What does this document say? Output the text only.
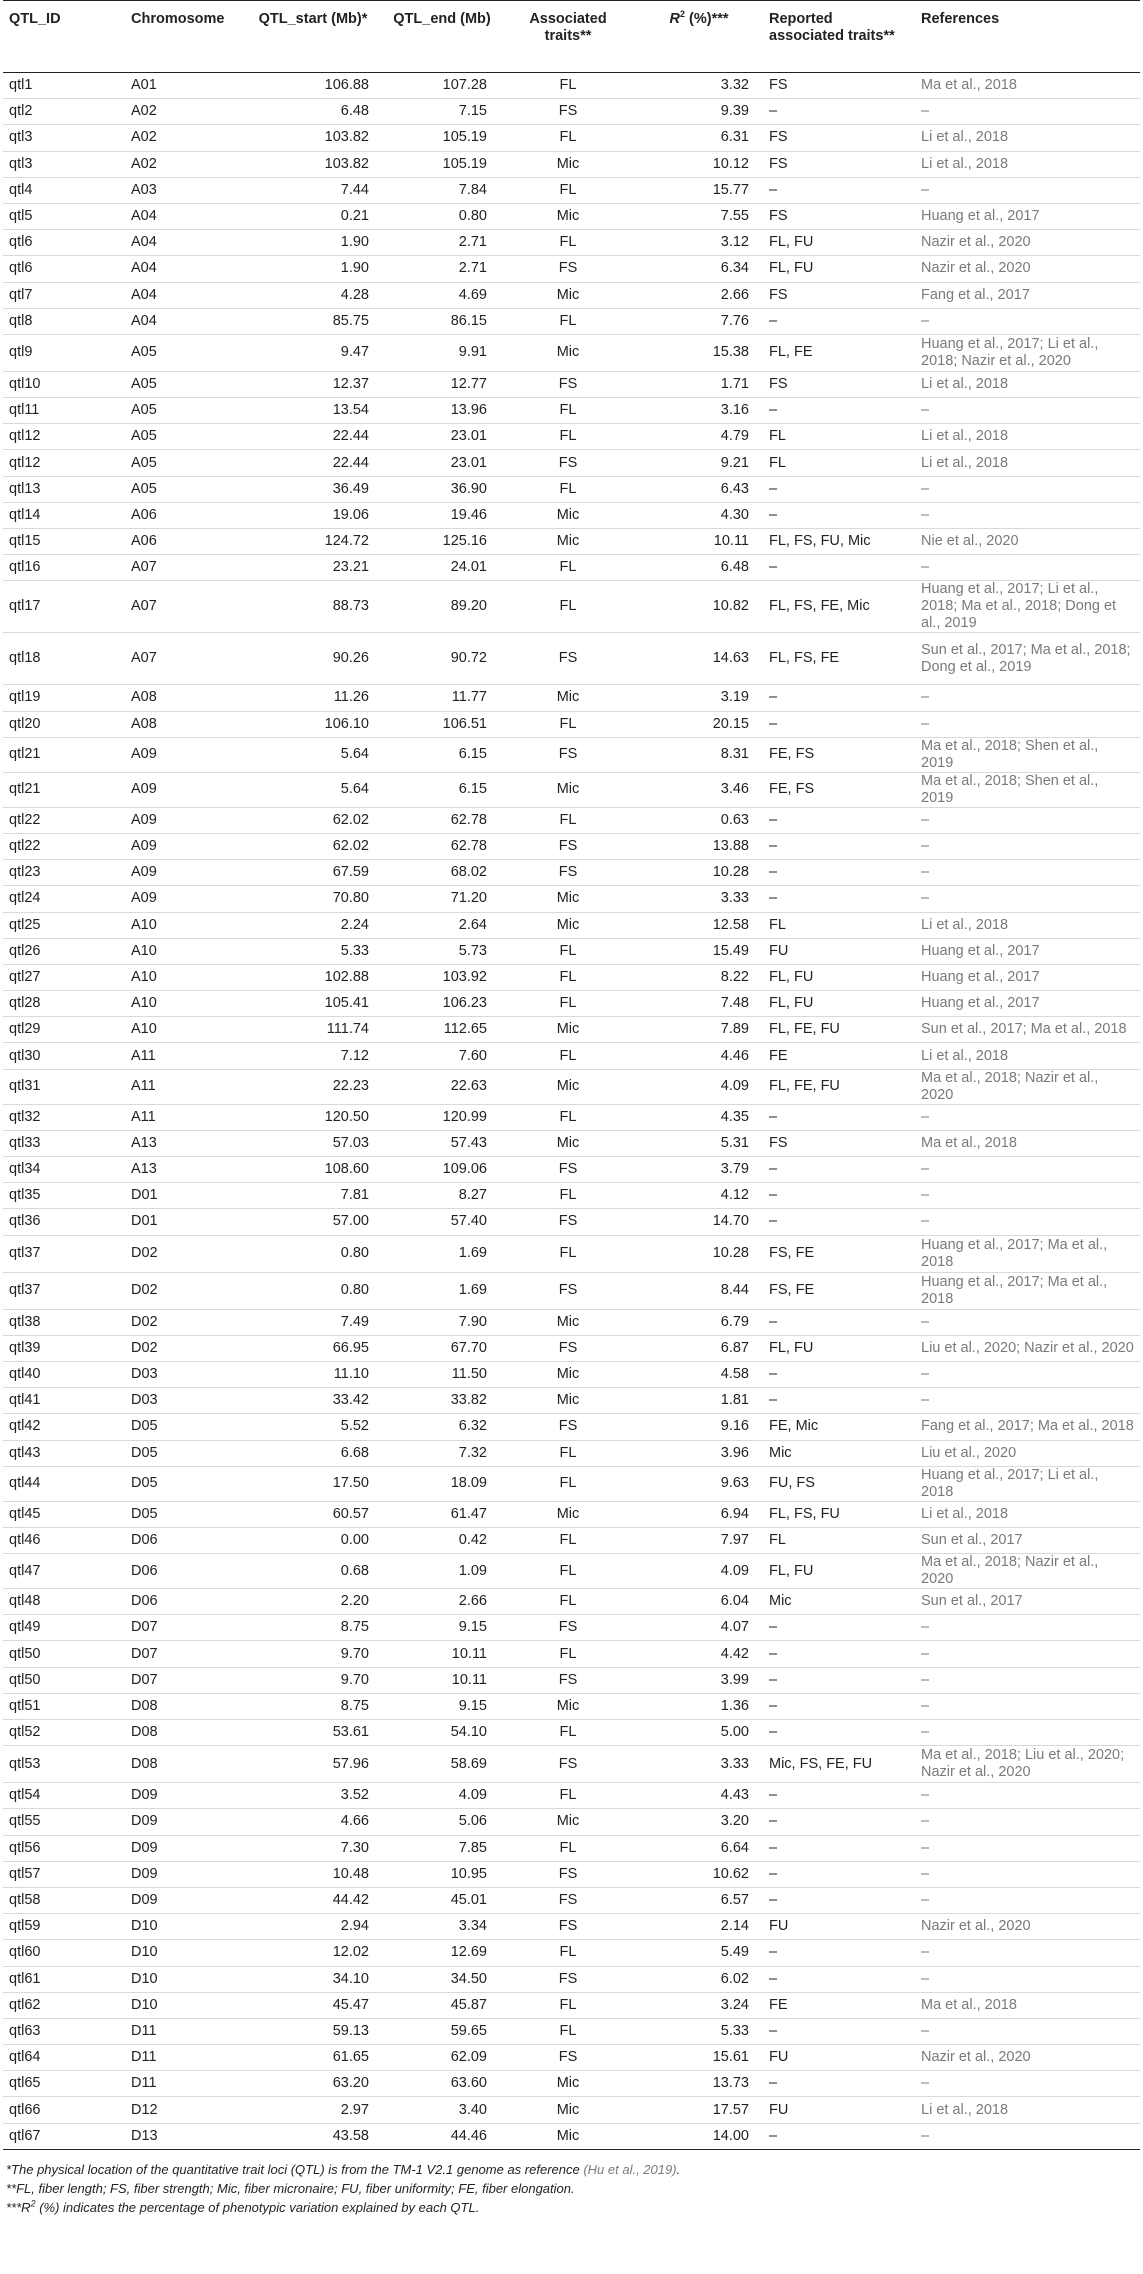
QTL_ID	Chromosome	QTL_start (Mb)*	QTL_end (Mb)	Associated traits**	$R^2$ (%)***	Reported associated traits**	References
qtl1	A01	106.88	107.28	FL	3.32	FS	Ma et al., 2018
qtl2	A02	6.48	7.15	FS	9.39	–	–
qtl3	A02	103.82	105.19	FL	6.31	FS	Li et al., 2018
qtl3	A02	103.82	105.19	Mic	10.12	FS	Li et al., 2018
qtl4	A03	7.44	7.84	FL	15.77	–	–
qtl5	A04	0.21	0.80	Mic	7.55	FS	Huang et al., 2017
qtl6	A04	1.90	2.71	FL	3.12	FL, FU	Nazir et al., 2020
qtl6	A04	1.90	2.71	FS	6.34	FL, FU	Nazir et al., 2020
qtl7	A04	4.28	4.69	Mic	2.66	FS	Fang et al., 2017
qtl8	A04	85.75	86.15	FL	7.76	–	–
qtl9	A05	9.47	9.91	Mic	15.38	FL, FE	Huang et al., 2017; Li et al., 2018; Nazir et al., 2020
qtl10	A05	12.37	12.77	FS	1.71	FS	Li et al., 2018
qtl11	A05	13.54	13.96	FL	3.16	–	–
qtl12	A05	22.44	23.01	FL	4.79	FL	Li et al., 2018
qtl12	A05	22.44	23.01	FS	9.21	FL	Li et al., 2018
qtl13	A05	36.49	36.90	FL	6.43	–	–
qtl14	A06	19.06	19.46	Mic	4.30	–	–
qtl15	A06	124.72	125.16	Mic	10.11	FL, FS, FU, Mic	Nie et al., 2020
qtl16	A07	23.21	24.01	FL	6.48	–	–
qtl17	A07	88.73	89.20	FL	10.82	FL, FS, FE, Mic	Huang et al., 2017; Li et al., 2018; Ma et al., 2018; Dong et al., 2019
qtl18	A07	90.26	90.72	FS	14.63	FL, FS, FE	Sun et al., 2017; Ma et al., 2018; Dong et al., 2019
qtl19	A08	11.26	11.77	Mic	3.19	–	–
qtl20	A08	106.10	106.51	FL	20.15	–	–
qtl21	A09	5.64	6.15	FS	8.31	FE, FS	Ma et al., 2018; Shen et al., 2019
qtl21	A09	5.64	6.15	Mic	3.46	FE, FS	Ma et al., 2018; Shen et al., 2019
qtl22	A09	62.02	62.78	FL	0.63	–	–
qtl22	A09	62.02	62.78	FS	13.88	–	–
qtl23	A09	67.59	68.02	FS	10.28	–	–
qtl24	A09	70.80	71.20	Mic	3.33	–	–
qtl25	A10	2.24	2.64	Mic	12.58	FL	Li et al., 2018
qtl26	A10	5.33	5.73	FL	15.49	FU	Huang et al., 2017
qtl27	A10	102.88	103.92	FL	8.22	FL, FU	Huang et al., 2017
qtl28	A10	105.41	106.23	FL	7.48	FL, FU	Huang et al., 2017
qtl29	A10	111.74	112.65	Mic	7.89	FL, FE, FU	Sun et al., 2017; Ma et al., 2018
qtl30	A11	7.12	7.60	FL	4.46	FE	Li et al., 2018
qtl31	A11	22.23	22.63	Mic	4.09	FL, FE, FU	Ma et al., 2018; Nazir et al., 2020
qtl32	A11	120.50	120.99	FL	4.35	–	–
qtl33	A13	57.03	57.43	Mic	5.31	FS	Ma et al., 2018
qtl34	A13	108.60	109.06	FS	3.79	–	–
qtl35	D01	7.81	8.27	FL	4.12	–	–
qtl36	D01	57.00	57.40	FS	14.70	–	–
qtl37	D02	0.80	1.69	FL	10.28	FS, FE	Huang et al., 2017; Ma et al., 2018
qtl37	D02	0.80	1.69	FS	8.44	FS, FE	Huang et al., 2017; Ma et al., 2018
qtl38	D02	7.49	7.90	Mic	6.79	–	–
qtl39	D02	66.95	67.70	FS	6.87	FL, FU	Liu et al., 2020; Nazir et al., 2020
qtl40	D03	11.10	11.50	Mic	4.58	–	–
qtl41	D03	33.42	33.82	Mic	1.81	–	–
qtl42	D05	5.52	6.32	FS	9.16	FE, Mic	Fang et al., 2017; Ma et al., 2018
qtl43	D05	6.68	7.32	FL	3.96	Mic	Liu et al., 2020
qtl44	D05	17.50	18.09	FL	9.63	FU, FS	Huang et al., 2017; Li et al., 2018
qtl45	D05	60.57	61.47	Mic	6.94	FL, FS, FU	Li et al., 2018
qtl46	D06	0.00	0.42	FL	7.97	FL	Sun et al., 2017
qtl47	D06	0.68	1.09	FL	4.09	FL, FU	Ma et al., 2018; Nazir et al., 2020
qtl48	D06	2.20	2.66	FL	6.04	Mic	Sun et al., 2017
qtl49	D07	8.75	9.15	FS	4.07	–	–
qtl50	D07	9.70	10.11	FL	4.42	–	–
qtl50	D07	9.70	10.11	FS	3.99	–	–
qtl51	D08	8.75	9.15	Mic	1.36	–	–
qtl52	D08	53.61	54.10	FL	5.00	–	–
qtl53	D08	57.96	58.69	FS	3.33	Mic, FS, FE, FU	Ma et al., 2018; Liu et al., 2020; Nazir et al., 2020
qtl54	D09	3.52	4.09	FL	4.43	–	–
qtl55	D09	4.66	5.06	Mic	3.20	–	–
qtl56	D09	7.30	7.85	FL	6.64	–	–
qtl57	D09	10.48	10.95	FS	10.62	–	–
qtl58	D09	44.42	45.01	FS	6.57	–	–
qtl59	D10	2.94	3.34	FS	2.14	FU	Nazir et al., 2020
qtl60	D10	12.02	12.69	FL	5.49	–	–
qtl61	D10	34.10	34.50	FS	6.02	–	–
qtl62	D10	45.47	45.87	FL	3.24	FE	Ma et al., 2018
qtl63	D11	59.13	59.65	FL	5.33	–	–
qtl64	D11	61.65	62.09	FS	15.61	FU	Nazir et al., 2020
qtl65	D11	63.20	63.60	Mic	13.73	–	–
qtl66	D12	2.97	3.40	Mic	17.57	FU	Li et al., 2018
qtl67	D13	43.58	44.46	Mic	14.00	–	–
*The physical location of the quantitative trait loci (QTL) is from the TM-1 V2.1 genome as reference (Hu et al., 2019).
**FL, fiber length; FS, fiber strength; Mic, fiber micronaire; FU, fiber uniformity; FE, fiber elongation.
$***R^2$ (%) indicates the percentage of phenotypic variation explained by each QTL.
